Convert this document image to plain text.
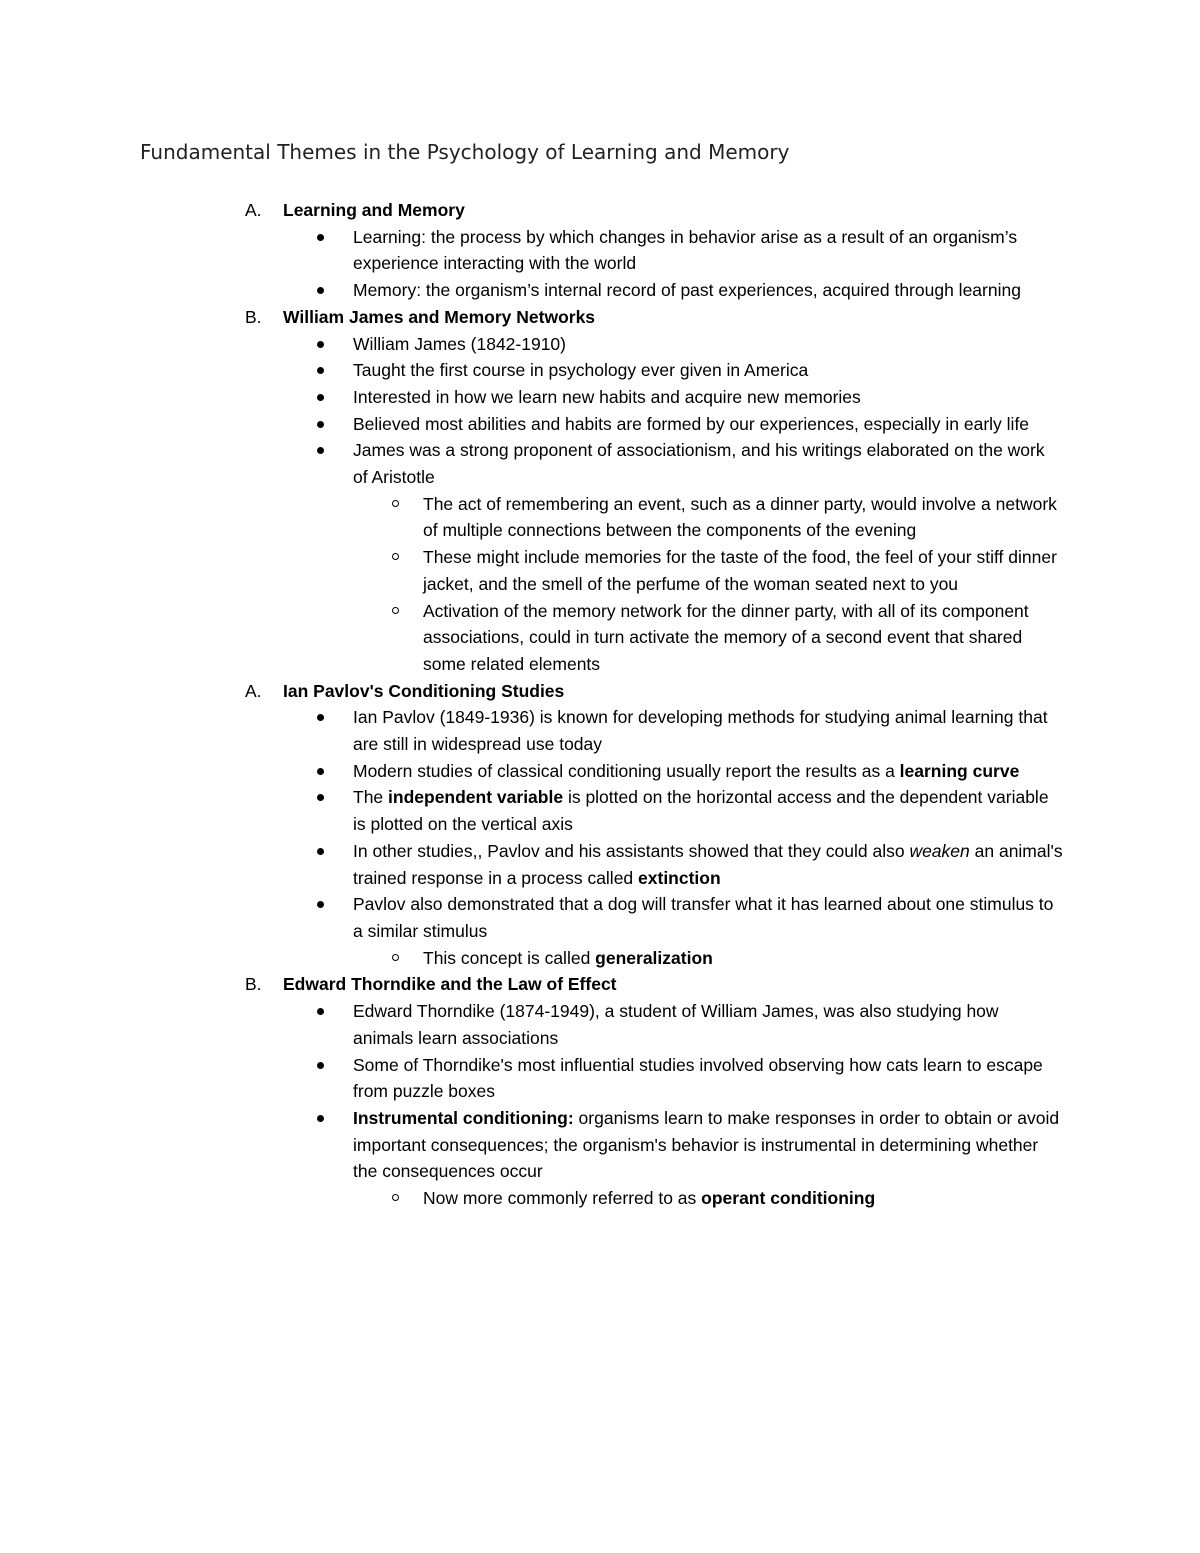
Fundamental Themes in the Psychology of Learning and Memory
A. Learning and Memory
Learning: the process by which changes in behavior arise as a result of an organism’s experience interacting with the world
Memory: the organism’s internal record of past experiences, acquired through learning
B. William James and Memory Networks
William James (1842-1910)
Taught the first course in psychology ever given in America
Interested in how we learn new habits and acquire new memories
Believed most abilities and habits are formed by our experiences, especially in early life
James was a strong proponent of associationism, and his writings elaborated on the work of Aristotle
The act of remembering an event, such as a dinner party, would involve a network of multiple connections between the components of the evening
These might include memories for the taste of the food, the feel of your stiff dinner jacket, and the smell of the perfume of the woman seated next to you
Activation of the memory network for the dinner party, with all of its component associations, could in turn activate the memory of a second event that shared some related elements
A. Ian Pavlov's Conditioning Studies
Ian Pavlov (1849-1936) is known for developing methods for studying animal learning that are still in widespread use today
Modern studies of classical conditioning usually report the results as a learning curve
The independent variable is plotted on the horizontal access and the dependent variable is plotted on the vertical axis
In other studies,, Pavlov and his assistants showed that they could also weaken an animal's trained response in a process called extinction
Pavlov also demonstrated that a dog will transfer what it has learned about one stimulus to a similar stimulus
This concept is called generalization
B. Edward Thorndike and the Law of Effect
Edward Thorndike (1874-1949), a student of William James, was also studying how animals learn associations
Some of Thorndike's most influential studies involved observing how cats learn to escape from puzzle boxes
Instrumental conditioning: organisms learn to make responses in order to obtain or avoid important consequences; the organism's behavior is instrumental in determining whether the consequences occur
Now more commonly referred to as operant conditioning
